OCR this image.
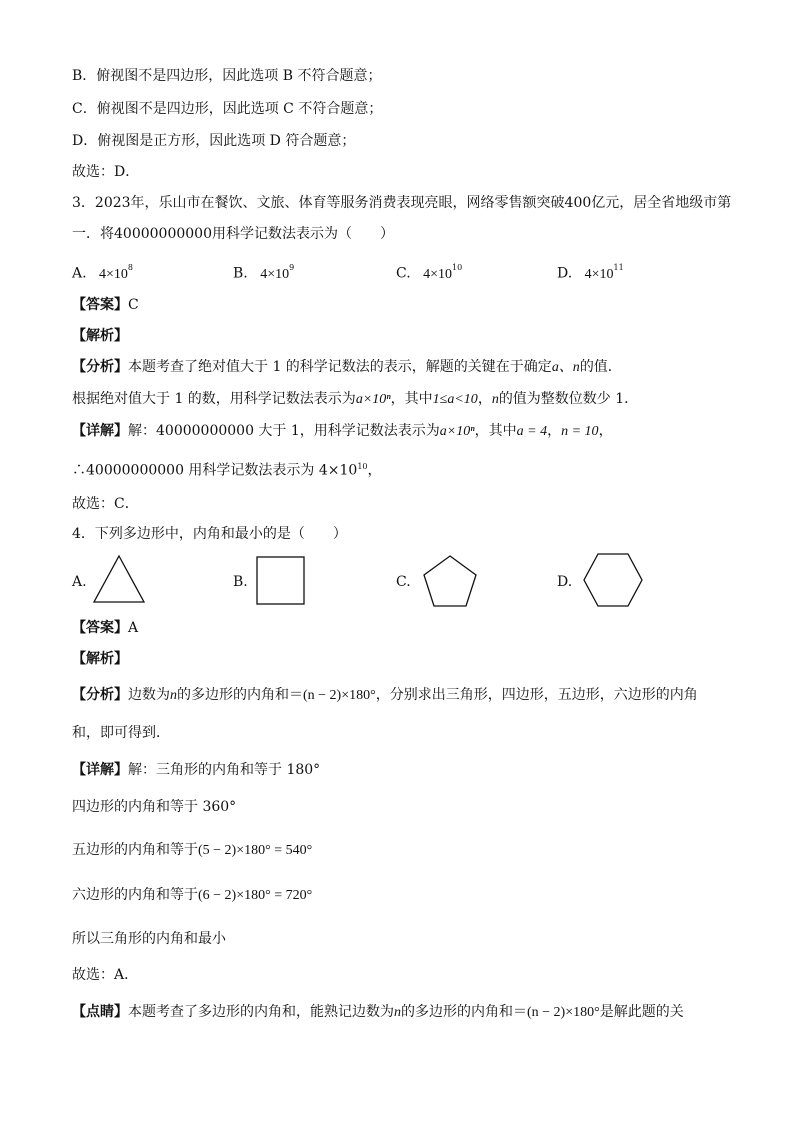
B．俯视图不是四边形，因此选项 B 不符合题意；
C．俯视图不是四边形，因此选项 C 不符合题意；
D．俯视图是正方形，因此选项 D 符合题意；
故选：D．
3．2023年，乐山市在餐饮、文旅、体育等服务消费表现亮眼，网络零售额突破400亿元，居全省地级市第
一．将40000000000用科学记数法表示为（　　）
A. $4\times 10^8$	B. $4\times 10^9$	C. $4\times 10^{10}$	D. $4\times 10^{11}$
【答案】C
【解析】
【分析】本题考查了绝对值大于 1 的科学记数法的表示，解题的关键在于确定a、n的值．
根据绝对值大于 1 的数，用科学记数法表示为a×10ⁿ，其中1≤a<10，n的值为整数位数少 1．
【详解】解：40000000000 大于 1，用科学记数法表示为a×10ⁿ，其中a = 4，n = 10，
∴40000000000 用科学记数法表示为 $4\times 10^{10}$，
故选：C．
4．下列多边形中，内角和最小的是（　　）
A.	B.	C.	D.
【答案】A
【解析】
【分析】边数为n的多边形的内角和＝(n − 2)×180°，分别求出三角形，四边形，五边形，六边形的内角
和，即可得到．
【详解】解：三角形的内角和等于 180°
四边形的内角和等于 360°
五边形的内角和等于(5 − 2)×180° = 540°
六边形的内角和等于(6 − 2)×180° = 720°
所以三角形的内角和最小
故选：A．
【点睛】本题考查了多边形的内角和，能熟记边数为n的多边形的内角和＝(n − 2)×180°是解此题的关
